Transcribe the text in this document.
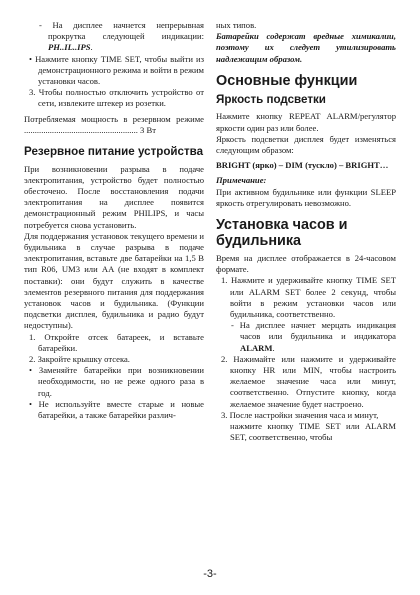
- На дисплее начнется непрерывная прокрутка следующей индикации: PH..IL..IPS.

• Нажмите кнопку TIME SET, чтобы выйти из демонстрационного режима и войти в режим установки часов.

3. Чтобы полностью отключить устройство от сети, извлеките штекер из розетки.

Потребляемая мощность в резервном режиме ..................................................... 3 Вт

Резервное питание устройства

При возникновении разрыва в подаче электропитания, устройство будет полностью обесточено. После восстановления подачи электропитания на дисплее появится демонстрационный режим PHILIPS, и часы потребуется снова установить.

Для поддержания установок текущего времени и будильника в случае разрыва в подаче электропитания, вставьте две батарейки на 1,5 В тип R06, UM3 или AA (не входят в комплект поставки): они будут служить в качестве элементов резервного питания для поддержания установок часов и будильника. (Функции подсветки дисплея, будильника и радио будут недоступны).

1. Откройте отсек батареек, и вставьте батарейки.

2. Закройте крышку отсека.

• Заменяйте батарейки при возникновении необходимости, но не реже одного раза в год.

• Не используйте вместе старые и новые батарейки, а также батарейки различ-

ных типов.

Батарейки содержат вредные химикалии, поэтому их следует утилизировать надлежащим образом.

Основные функции
Яркость подсветки

Нажмите кнопку REPEAT ALARM/регулятор яркости один раз или более.

Яркость подсветки дисплея будет изменяться следующим образом:

BRIGHT (ярко) – DIM (тускло) – BRIGHT…

Примечание:

При активном будильнике или функции SLEEP яркость отрегулировать невозможно.

Установка часов и будильника

Время на дисплее отображается в 24-часовом формате.

1. Нажмите и удерживайте кнопку TIME SET или ALARM SET более 2 секунд, чтобы войти в режим установки часов или будильника, соответственно.

- На дисплее начнет мерцать индикация часов или будильника и индикатора ALARM.

2. Нажимайте или нажмите и удерживайте кнопку HR или MIN, чтобы настроить желаемое значение часа или минут, соответственно. Отпустите кнопку, когда желаемое значение будет настроено.

3. После настройки значения часа и минут,

нажмите кнопку TIME SET или ALARM SET, соответственно, чтобы

-3-
